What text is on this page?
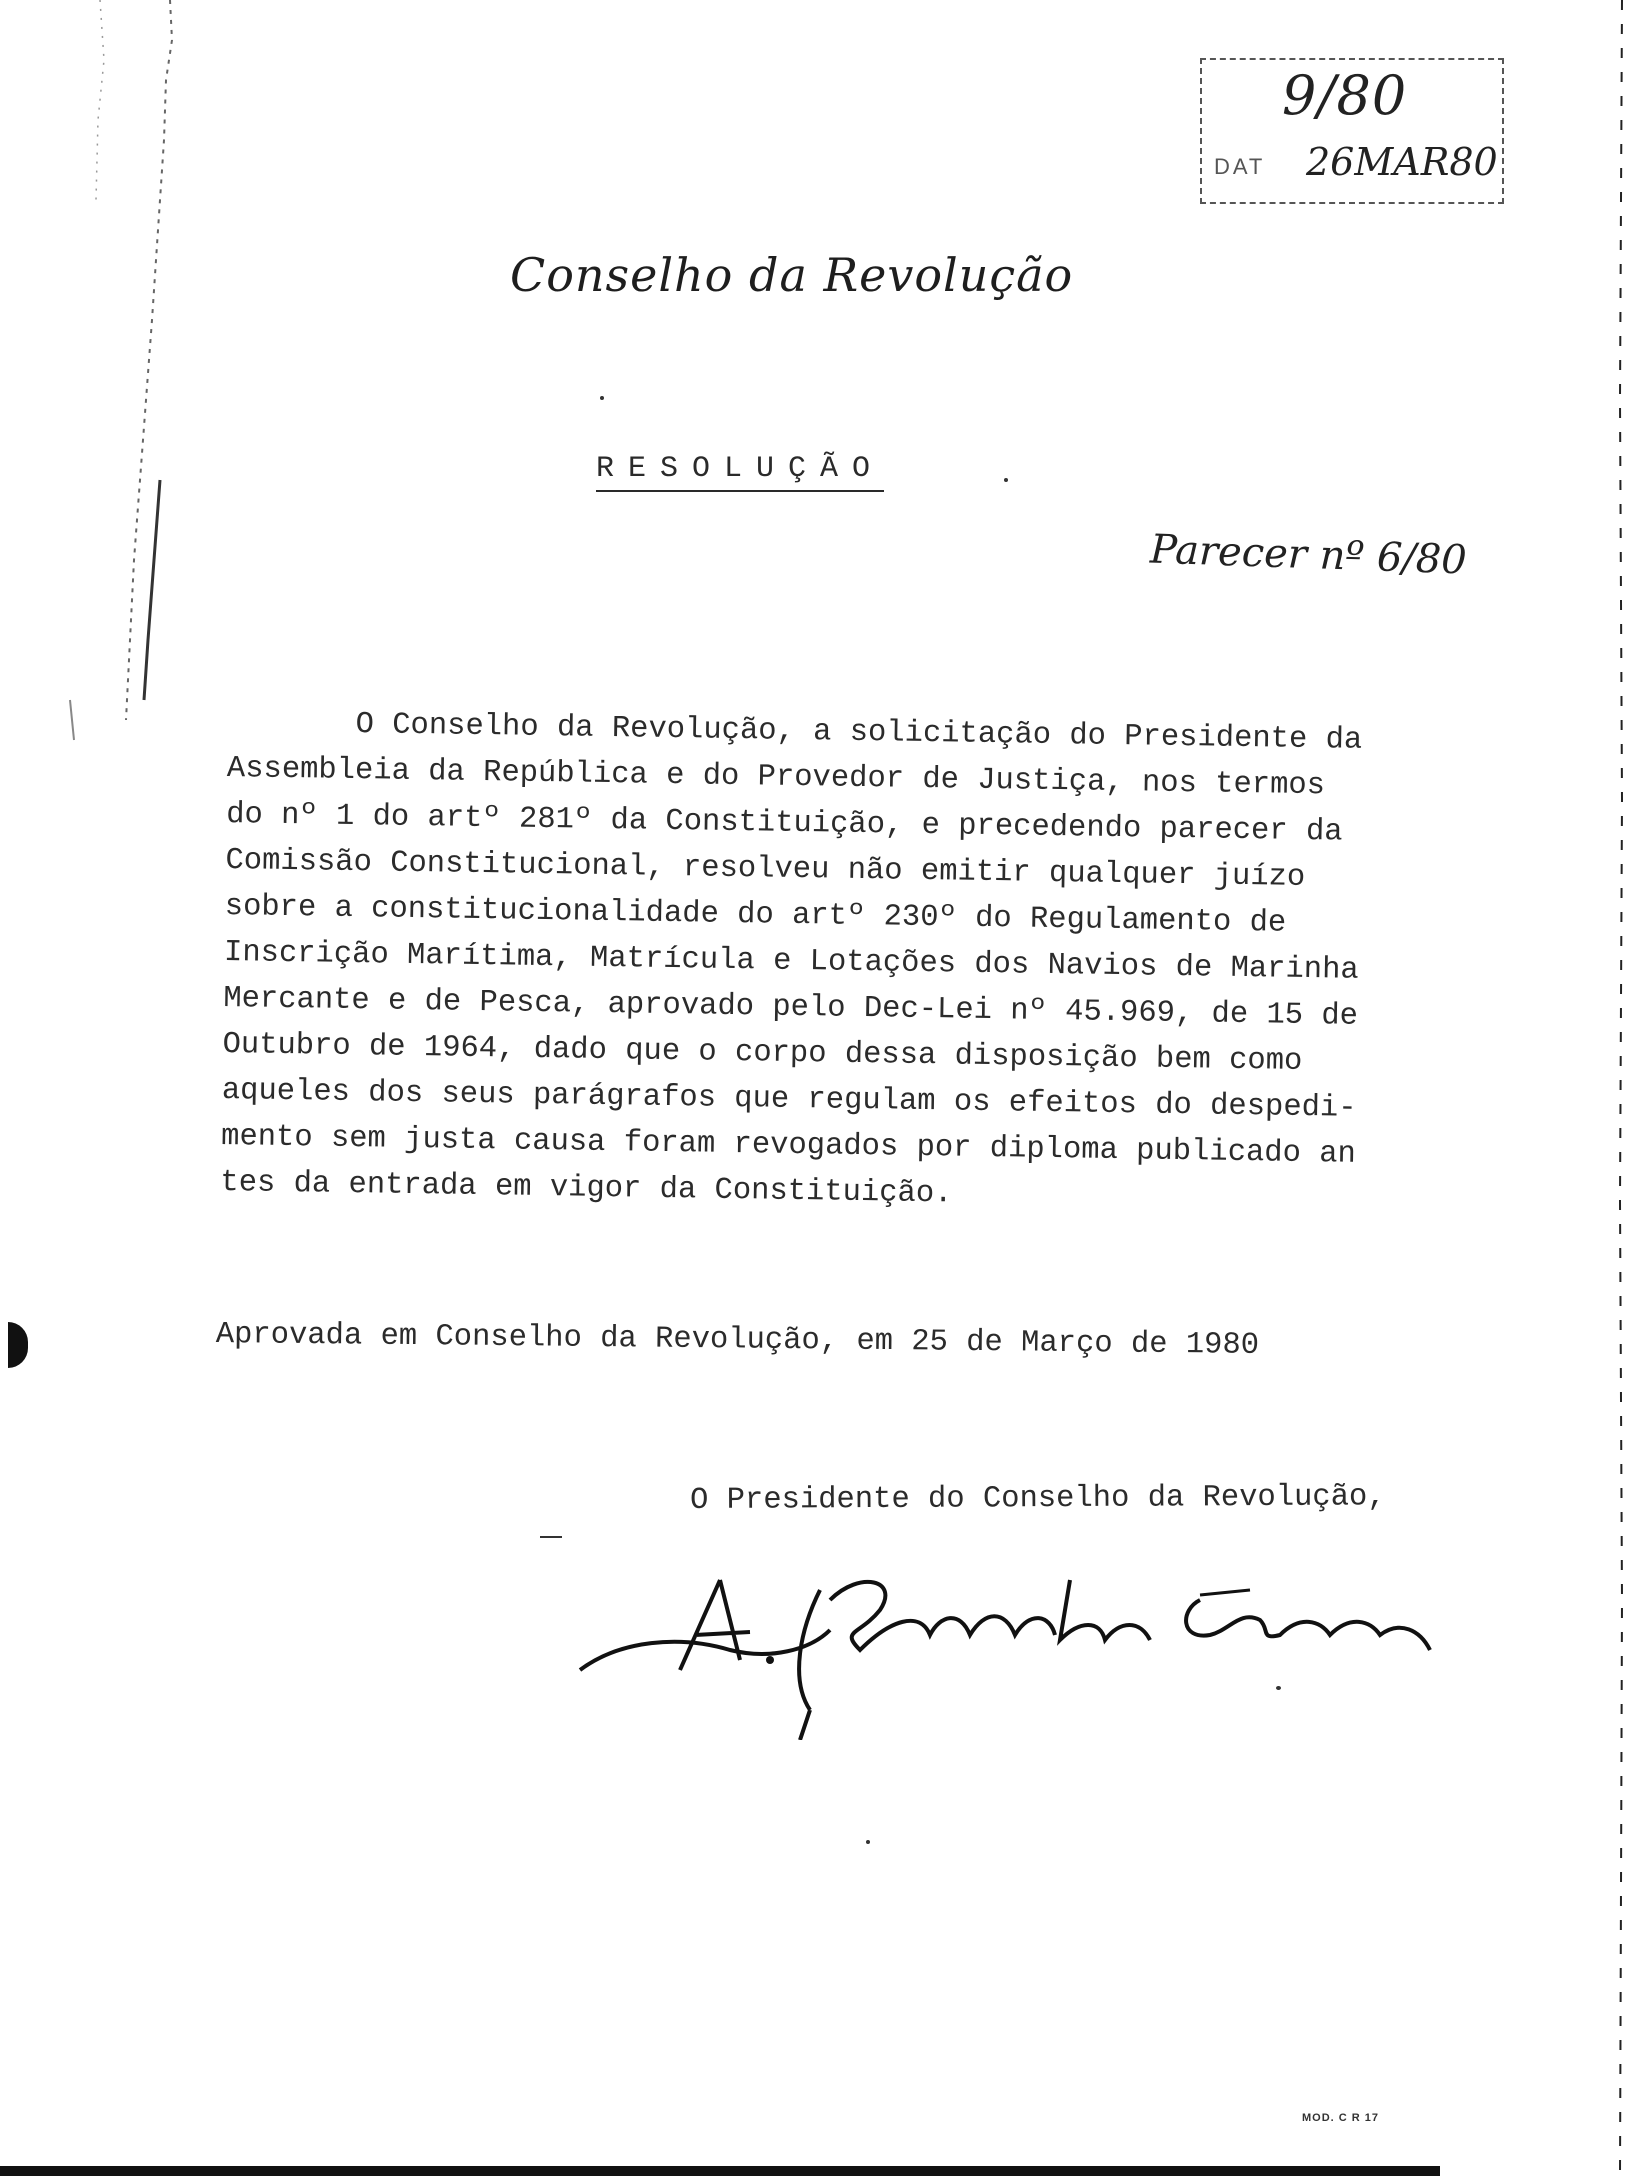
9/80
DAT 26MAR80
Conselho da Revolução
RESOLUÇÃO
Parecer nº 6/80
O Conselho da Revolução, a solicitação do Presidente da
Assembleia da República e do Provedor de Justiça, nos termos
do nº 1 do artº 281º da Constituição, e precedendo parecer da
Comissão Constitucional, resolveu não emitir qualquer juízo
sobre a constitucionalidade do artº 230º do Regulamento de
Inscrição Marítima, Matrícula e Lotações dos Navios de Marinha
Mercante e de Pesca, aprovado pelo Dec-Lei nº 45.969, de 15 de
Outubro de 1964, dado que o corpo dessa disposição bem como
aqueles dos seus parágrafos que regulam os efeitos do despedi-
mento sem justa causa foram revogados por diploma publicado an
tes da entrada em vigor da Constituição.
Aprovada em Conselho da Revolução, em 25 de Março de 1980
O Presidente do Conselho da Revolução,
MOD. C R 17
